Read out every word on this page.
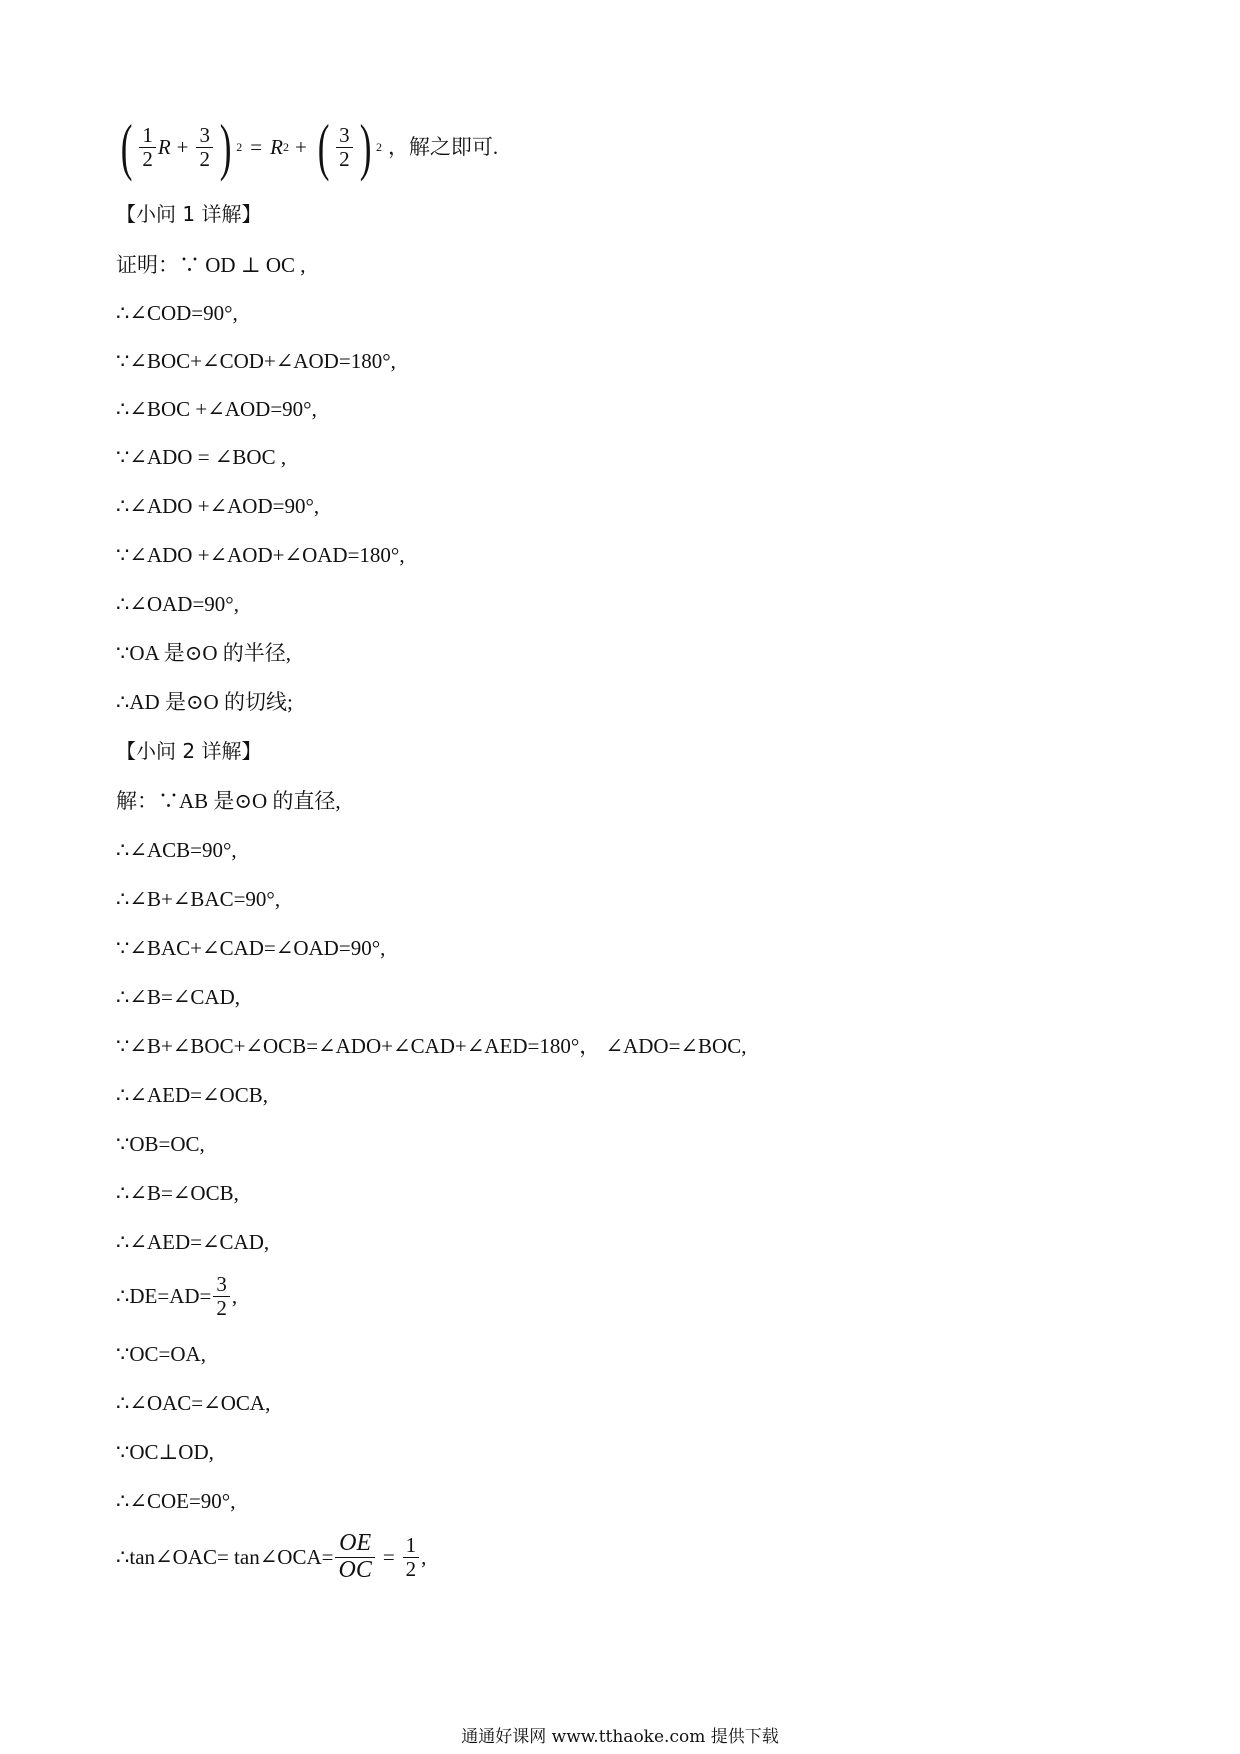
( $\frac{1}{2}$ $R + \frac{3}{2}$ ) 2 = R 2 + ( $\frac{3}{2}$ ) 2 ，解之即可.
【小问 1 详解】
证明：∵ OD ⊥ OC ,
∴∠COD=90°,
∵∠BOC+∠COD+∠AOD=180°,
∴∠BOC +∠AOD=90°,
∵∠ADO = ∠BOC ,
∴∠ADO +∠AOD=90°,
∵∠ADO +∠AOD+∠OAD=180°,
∴∠OAD=90°,
∵OA 是⊙O 的半径,
∴AD 是⊙O 的切线;
【小问 2 详解】
解：∵AB 是⊙O 的直径,
∴∠ACB=90°,
∴∠B+∠BAC=90°,
∵∠BAC+∠CAD=∠OAD=90°,
∴∠B=∠CAD,
∵∠B+∠BOC+∠OCB=∠ADO+∠CAD+∠AED=180°， ∠ADO=∠BOC,
∴∠AED=∠OCB,
∵OB=OC,
∴∠B=∠OCB,
∴∠AED=∠CAD,
∴DE=AD= $\frac{3}{2}$ ,
∵OC=OA,
∴∠OAC=∠OCA,
∵OC⊥OD,
∴∠COE=90°,
∴tan∠OAC= tan∠OCA= $\frac{OE}{OC} = \frac{1}{2}$ ,
通通好课网 www.tthaoke.com 提供下载
